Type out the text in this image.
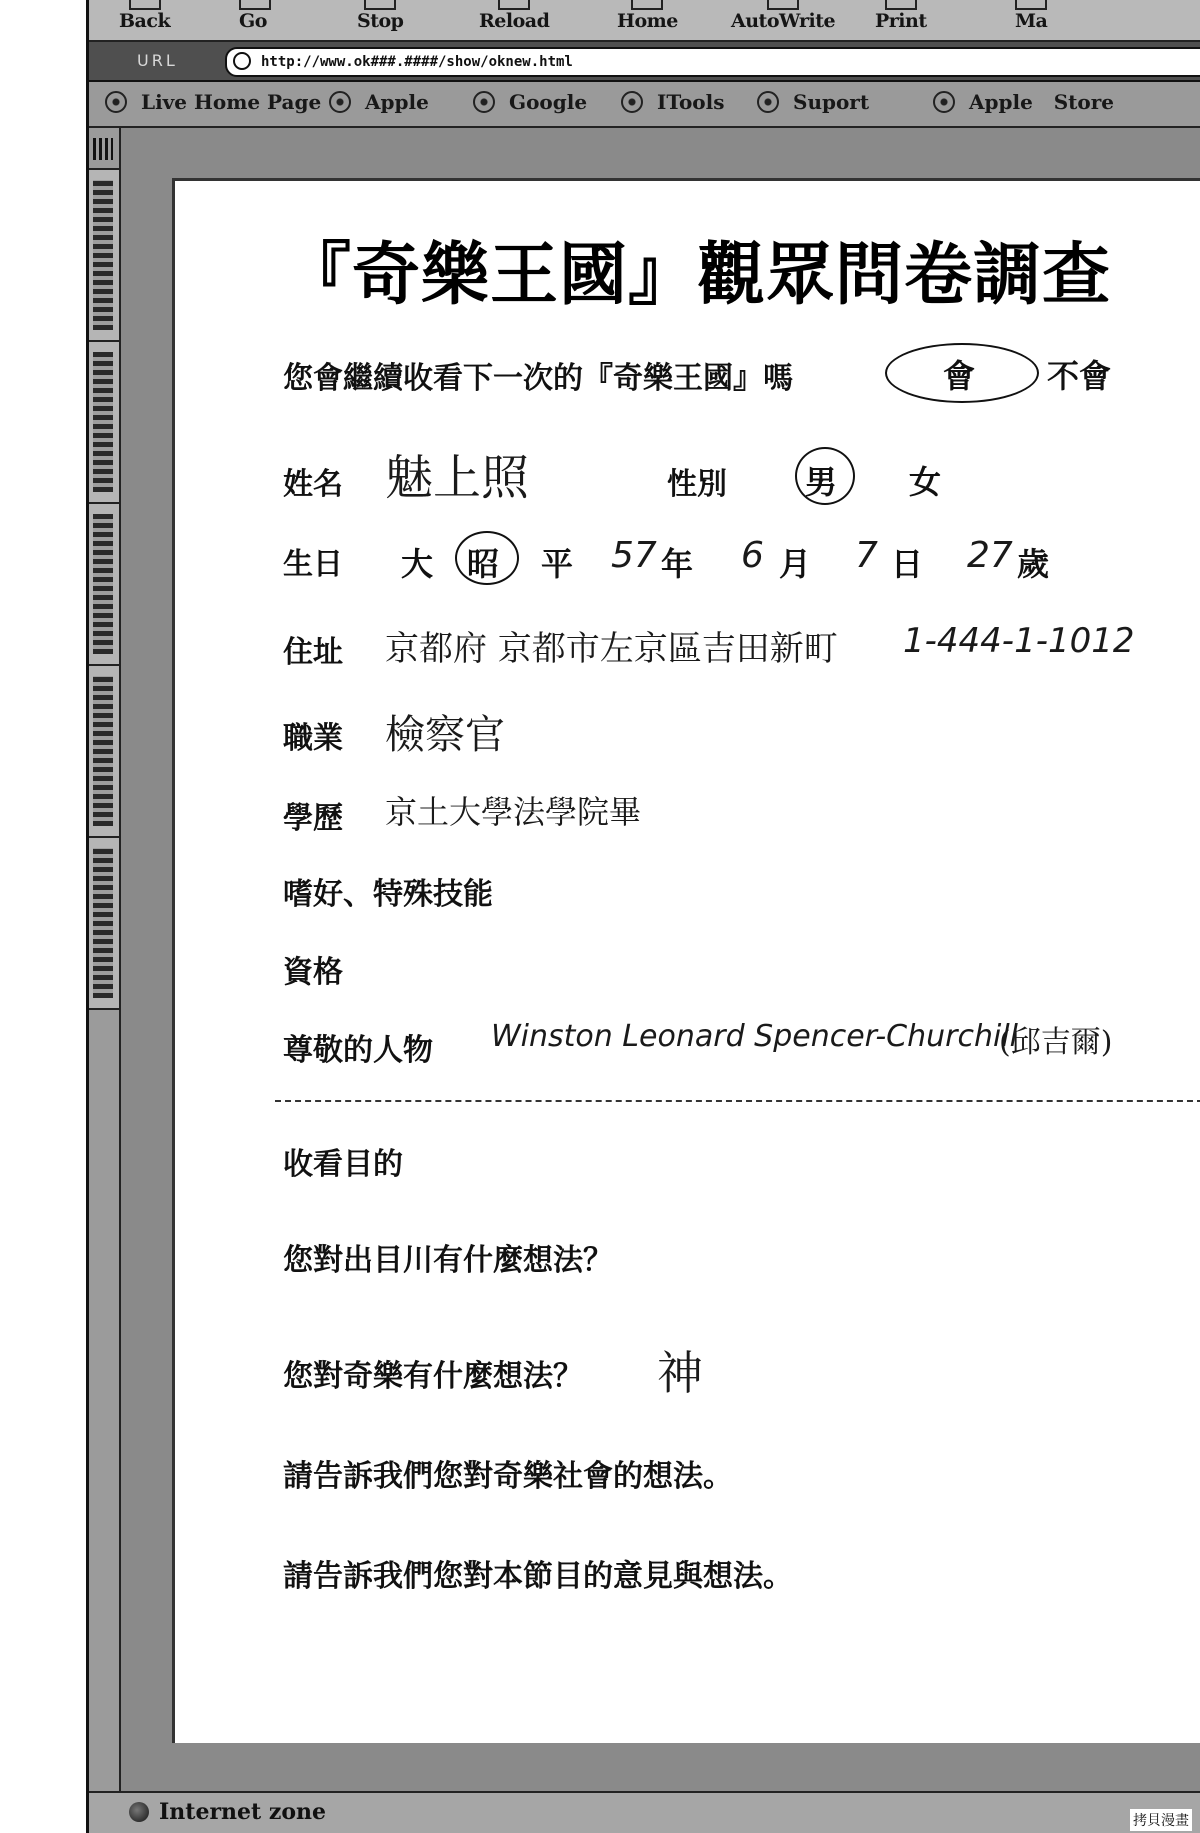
Back	Go	Stop	Reload	Home	AutoWrite Print	Ma
URL	http://www.ok###.####/show/oknew.html
Live Home Page	Apple	Google	ITools	Suport	Apple Store
Internet zone
『奇樂王國』觀眾問卷調查
您會繼續收看下一次的『奇樂王國』嗎	會 不會
姓名 魅上照	性別 男 女
生日 大 昭 平 57 年 6 月 7 日 27 歲
住址 京都府 京都市左京區吉田新町 1-444-1-1012
職業 檢察官
學歷 京土大學法學院畢
嗜好、特殊技能
資格
尊敬的人物 Winston Leonard Spencer-Churchill
(邱吉爾)
收看目的
您對出目川有什麼想法？
您對奇樂有什麼想法？ 神
請告訴我們您對奇樂社會的想法。
請告訴我們您對本節目的意見與想法。
拷貝漫畫
